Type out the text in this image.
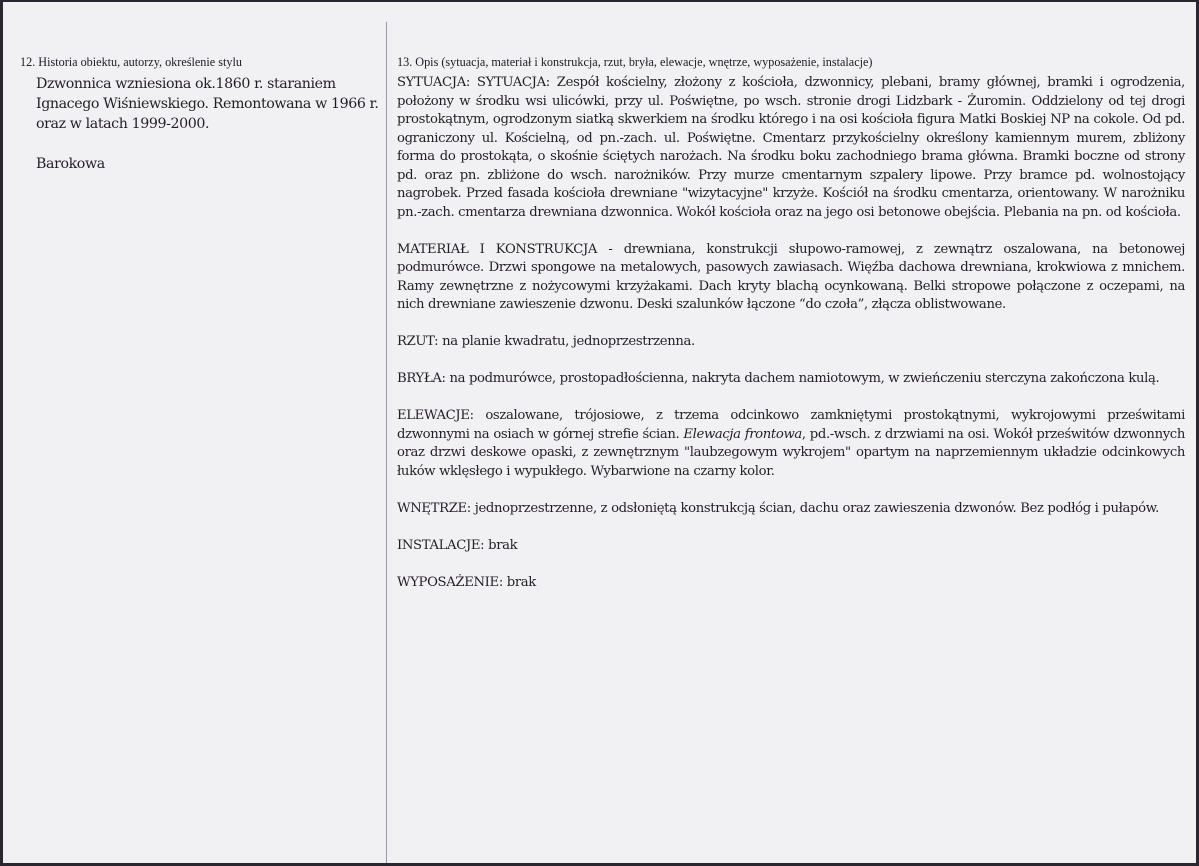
12. Historia obiektu, autorzy, określenie stylu
Dzwonnica wzniesiona ok.1860 r. staraniem Ignacego Wiśniewskiego. Remontowana w 1966 r. oraz w latach 1999-2000.
Barokowa
13. Opis (sytuacja, materiał i konstrukcja, rzut, bryła, elewacje, wnętrze, wyposażenie, instalacje)
SYTUACJA: SYTUACJA: Zespół kościelny, złożony z kościoła, dzwonnicy, plebani, bramy głównej, bramki i ogrodzenia, położony w środku wsi ulicówki, przy ul. Poświętne, po wsch. stronie drogi Lidzbark - Żuromin. Oddzielony od tej drogi prostokątnym, ogrodzonym siatką skwerkiem na środku którego i na osi kościoła figura Matki Boskiej NP na cokole. Od pd. ograniczony ul. Kościelną, od pn.-zach. ul. Poświętne. Cmentarz przykościelny określony kamiennym murem, zbliżony forma do prostokąta, o skośnie ściętych narożach. Na środku boku zachodniego brama główna. Bramki boczne od strony pd. oraz pn. zbliżone do wsch. narożników. Przy murze cmentarnym szpalery lipowe. Przy bramce pd. wolnostojący nagrobek. Przed fasada kościoła drewniane "wizytacyjne" krzyże. Kościół na środku cmentarza, orientowany. W narożniku pn.-zach. cmentarza drewniana dzwonnica. Wokół kościoła oraz na jego osi betonowe obejścia. Plebania na pn. od kościoła.
MATERIAŁ I KONSTRUKCJA - drewniana, konstrukcji słupowo-ramowej, z zewnątrz oszalowana, na betonowej podmurówce. Drzwi spongowe na metalowych, pasowych zawiasach. Więźba dachowa drewniana, krokwiowa z mnichem. Ramy zewnętrzne z nożycowymi krzyżakami. Dach kryty blachą ocynkowaną. Belki stropowe połączone z oczepami, na nich drewniane zawieszenie dzwonu. Deski szalunków łączone “do czoła”, złącza oblistwowane.
RZUT: na planie kwadratu, jednoprzestrzenna.
BRYŁA: na podmurówce, prostopadłościenna, nakryta dachem namiotowym, w zwieńczeniu sterczyna zakończona kulą.
ELEWACJE: oszalowane, trójosiowe, z trzema odcinkowo zamkniętymi prostokątnymi, wykrojowymi prześwitami dzwonnymi na osiach w górnej strefie ścian. Elewacja frontowa, pd.-wsch. z drzwiami na osi. Wokół prześwitów dzwonnych oraz drzwi deskowe opaski, z zewnętrznym "laubzegowym wykrojem" opartym na naprzemiennym układzie odcinkowych łuków wklęsłego i wypukłego. Wybarwione na czarny kolor.
WNĘTRZE: jednoprzestrzenne, z odsłoniętą konstrukcją ścian, dachu oraz zawieszenia dzwonów. Bez podłóg i pułapów.
INSTALACJE: brak
WYPOSAŻENIE: brak
